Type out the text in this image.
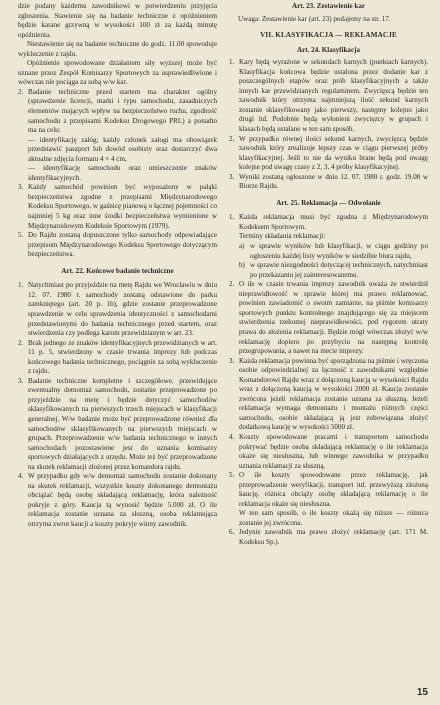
dzie podany każdemu zawodnikowi w potwierdzeniu przyjęcia zgłoszenia. Stawienie się na badanie techniczne z opóźnieniem będzie karane grzywną w wysokości 100 zł za każdą minutę opóźnienia.

Niestawienie się na badanie techniczne do godz. 11.00 spowoduje wykluczenie z rajdu.

Opóźnienie spowodowane działaniem siły wyższej może być uznane przez Zespół Komisarzy Sportowych za usprawiedliwione i wówczas nie pociąga za sobą w/w kar.

2. Badanie techniczne przed startem ma charakter ogólny (sprawdzenie licencji, marki i typu samochodu, zasadniczych elementów mających wpływ na bezpieczeństwo ruchu, zgodność samochodu z przepisami Kodeksu Drogowego PRL) a ponadto ma na celu:
— identyfikację załóg; każdy członek załogi ma obowiązek przedstawić paszport lub dowód osobisty oraz dostarczyć dwa aktualne zdjęcia formatu 4 × 4 cm,
— identyfikację samochodu oraz umieszczenie znaków identyfikacyjnych.
3. Każdy samochód powinien być wyposażony w pałąki bezpieczeństwa zgodne z przepisami Międzynarodowego Kodeksu Sportowego, w gaśnicę pianową o łącznej pojemności co najmniej 5 kg oraz inne środki bezpieczeństwa wymienione w Międzynarodowym Kodeksie Sportowym (1979).
5. Do Rajdu zostaną dopuszczone tylko samochody odpowiadające przepisom Międzynarodowego Kodeksu Sportowego dotyczącym bezpieczeństwa.

Art. 22. Końcowe badanie techniczne

1. Natychmiast po przyjeździe na metę Rajdu we Wrocławiu w dniu 12. 07. 1980 r. samochody zostaną odstawione do parku zamkniętego (art. 20 p. 1b), gdzie zostanie przeprowadzone sprawdzenie w celu sprawdzenia identyczności z samochodami przedstawionymi do badania technicznego przed startem, oraz stwierdzenia czy podlega karom przewidzianym w art. 23.
2. Brak jednego ze znaków identyfikacyjnych przewidzianych w art. 11 p. 5, stwierdzony w czasie trwania imprezy lub podczas końcowego badania technicznego, pociągnie za sobą wykluczenie z rajdu.
3. Badanie techniczne kompletne i szczegółowe, przewidujące ewentualny demontaż samochodu, zostanie przeprowadzone po przyjeździe na metę i będzie dotyczyć samochodów sklasyfikowanych na pierwszych trzech miejscach w klasyfikacji generalnej. W/w badanie może być przeprowadzone również dla samochodów sklasyfikowanych na pierwszych miejscach w grupach. Przeprowadzenie w/w badania technicznego w innych samochodach pozostawione jest do uznania komisarzy sportowych działających z urzędu. Może też być przeprowadzone na skutek reklamacji złożonej przez komandora rajdu.
4. W przypadku gdy w/w demontaż samochodu zostanie dokonany na skutek reklamacji, wszystkie koszty dokonanego demontażu obciążać będą osobę składającą reklamację, która należność pokryje z góry. Kaucja tą wynosić będzie 5.000 zł. O ile reklamacja zostanie uznana za słuszną, osoba reklamująca otrzyma zwrot kaucji a koszty pokryje winny zawodnik.

Art. 23. Zestawienie kar

Uwaga: Zestawienie kar (art. 23) podajemy na str. 17.

VII. KLASYFIKACJA — REKLAMACJE

Art. 24. Klasyfikacja

1. Kary będą wyrażone w sekundach karnych (punktach karnych). Klasyfikacja końcowa będzie ustalona przez dodanie kar z poszczególnych etapów oraz prób klasyfikacyjnych a także innych kar przewidzianych regulaminem. Zwycięzcą będzie ten zawodnik który otrzyma najmniejszą ilość sekund karnych zostanie sklasyfikowany jako pierwszy, następny kolejno jako drugi itd. Podobnie będą wyłonieni zwycięzcy w grupach i klasach będą ustalane w ten sam sposób.
2. W przypadku równej ilości sekund karnych, zwycięzcą będzie zawodnik który zrealizuje lepszy czas w ciągu pierwszej próby klasyfikacyjnej. Jeśli to nie da wyniku brane będą pod uwagę kolejne pod uwagę czasy z 2, 3, 4 próby klasyfikacyjnej.
3. Wyniki zostaną ogłoszone w dniu 12. 07. 1980 r. godz. 19.00 w Biurze Rajdu.

Art. 25. Reklamacja — Odwołanie

1. Każda reklamacja musi być zgodna z Międzynarodowym Kodeksem Sportowym.
Terminy składania reklamacji:
a) w sprawie wyników lub klasyfikacji, w ciągu godziny po ogłoszeniu każdej listy wyników w siedzibie biura rajdu,
b) w sprawie niezgodności dotyczącej technicznych, natychmiast po przekazaniu jej zainteresowanemu.
2. O ile w czasie trwania imprezy zawodnik uważa że stwierdził nieprawidłowość w sprawie której ma prawo reklamować, powinien zawiadomić o swoim zamiarze, na piśmie komisarzy sportowych punktu kontrolnego znajdującego się za miejscem stwierdzenia rzekomej nieprawidłowości, pod rygorem utraty prawa do złożenia reklamacji. Będzie mógł wówczas złożyć w/w reklamację dopiero po przybyciu na następną kontrolę przegrupowania, a nawet na mecie imprezy.
3. Każda reklamacja powinna być sporządzona na piśmie i wręczona osobie odpowiedzialnej za łączność z zawodnikami względnie Komandorowi Rajdu wraz z dołączoną kaucją w wysokości Rajdu wraz z dołączoną kaucją w wysokości 2000 zł. Kaucja zostanie zwrócona jeżeli reklamacja zostanie uznana za słuszną. Jeżeli reklamacja wymaga demontażu i montażu różnych części samochodu, osobie składającą ją jest zobowiązana złożyć dodatkową kaucję w wysokości 5000 zł.
4. Koszty spowodowane pracami i transportem samochodu pokrywać będzie osoba składającą reklamację o ile reklamacja okaże się niesłuszna, lub winnego zawodnika w przypadku uznania reklamacji za słuszną.
5. O ile koszty spowodowane przez reklamację, jak przeprowadzenie weryfikacji, transport itd. przewyższą złożoną kaucję, różnica obciąży osobę składającą reklamację o ile reklamacja okaże się niesłuszna.
W ten sam sposób, o ile koszty okażą się niższe — różnica zostanie jej zwrócona.
6. Jedynie zawodnik ma prawo złożyć reklamację (art. 171 M. Kodeksu Sp.).
15
